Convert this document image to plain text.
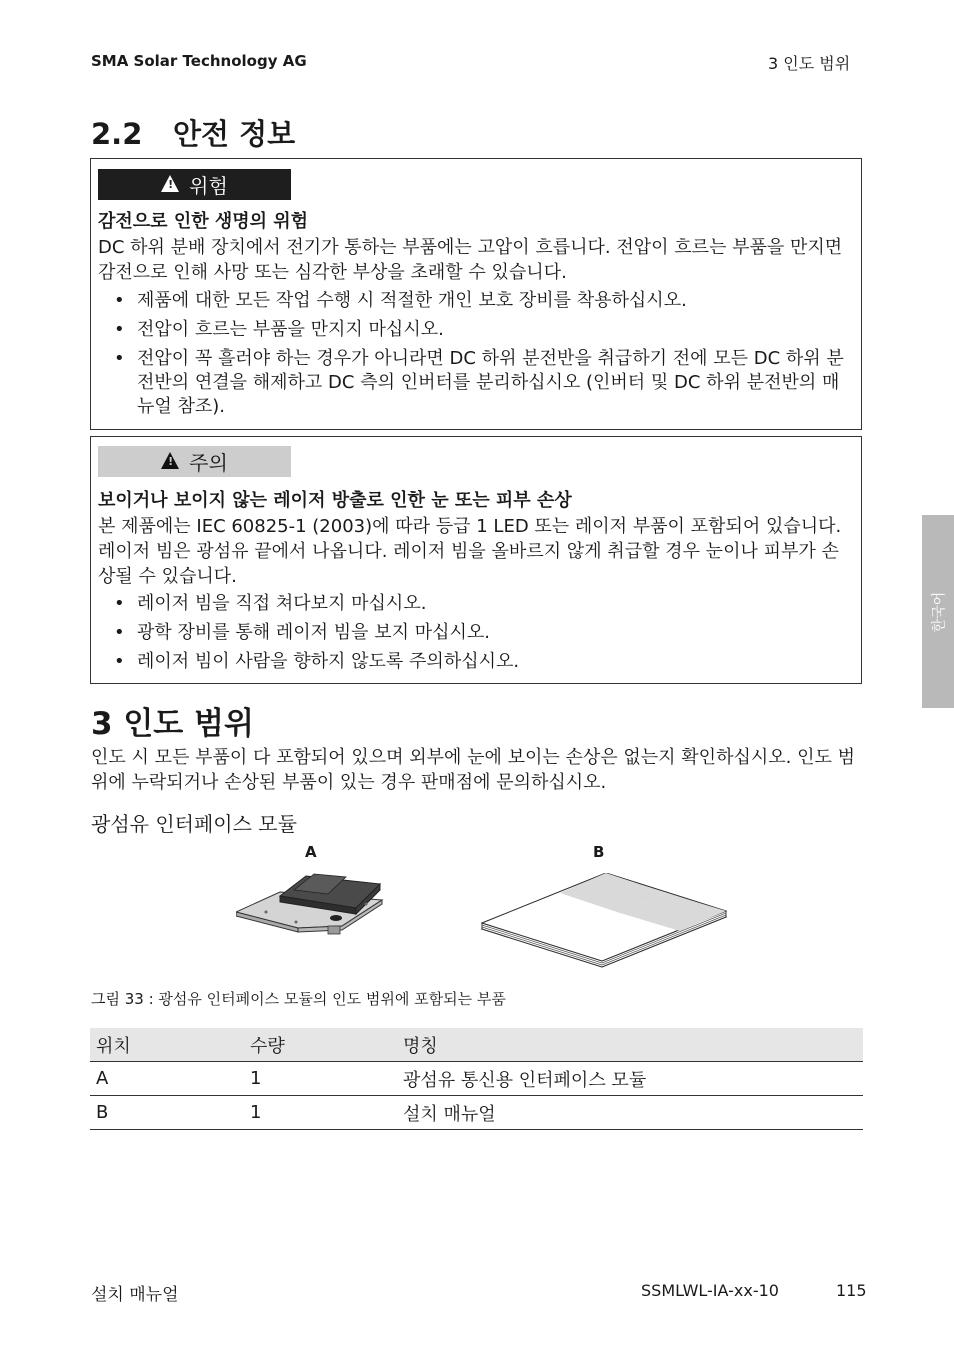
SMA Solar Technology AG	3 인도 범위
2.2 안전 정보
!
위험
감전으로 인한 생명의 위험
DC 하위 분배 장치에서 전기가 통하는 부품에는 고압이 흐릅니다. 전압이 흐르는 부품을 만지면 감전으로 인해 사망 또는 심각한 부상을 초래할 수 있습니다.
• 제품에 대한 모든 작업 수행 시 적절한 개인 보호 장비를 착용하십시오.
• 전압이 흐르는 부품을 만지지 마십시오.
• 전압이 꼭 흘러야 하는 경우가 아니라면 DC 하위 분전반을 취급하기 전에 모든 DC 하위 분전반의 연결을 해제하고 DC 측의 인버터를 분리하십시오 (인버터 및 DC 하위 분전반의 매뉴얼 참조).
!
주의
보이거나 보이지 않는 레이저 방출로 인한 눈 또는 피부 손상
본 제품에는 IEC 60825-1 (2003)에 따라 등급 1 LED 또는 레이저 부품이 포함되어 있습니다. 레이저 빔은 광섬유 끝에서 나옵니다. 레이저 빔을 올바르지 않게 취급할 경우 눈이나 피부가 손상될 수 있습니다.
• 레이저 빔을 직접 쳐다보지 마십시오.
• 광학 장비를 통해 레이저 빔을 보지 마십시오.
• 레이저 빔이 사람을 향하지 않도록 주의하십시오.
3 인도 범위
인도 시 모든 부품이 다 포함되어 있으며 외부에 눈에 보이는 손상은 없는지 확인하십시오. 인도 범위에 누락되거나 손상된 부품이 있는 경우 판매점에 문의하십시오.
광섬유 인터페이스 모듈
A	B
그림 33 : 광섬유 인터페이스 모듈의 인도 범위에 포함되는 부품
위치	수량	명칭
A	1	광섬유 통신용 인터페이스 모듈
B	1	설치 매뉴얼
한국어
설치 매뉴얼	SSMLWL-IA-xx-10	115
